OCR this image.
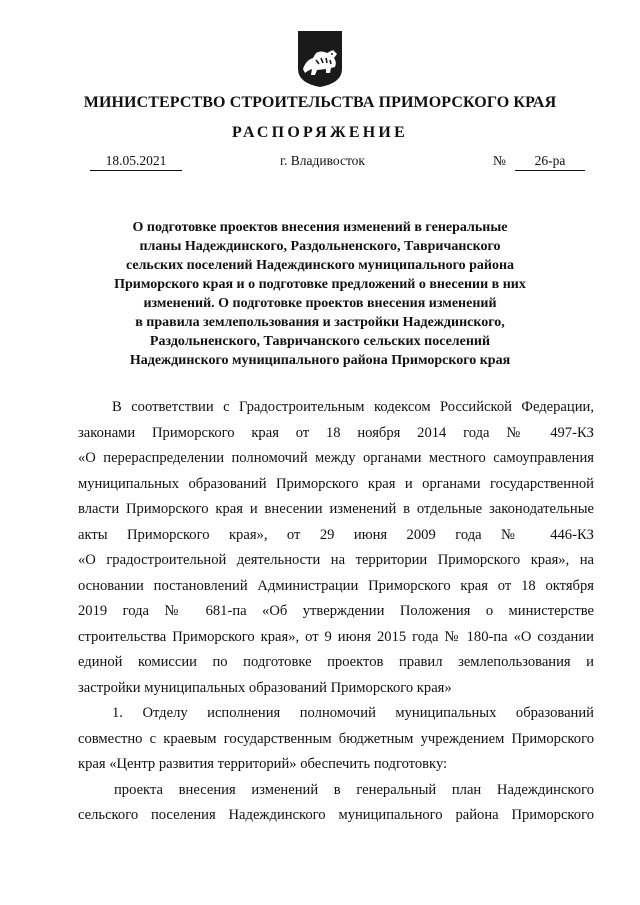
МИНИСТЕРСТВО СТРОИТЕЛЬСТВА ПРИМОРСКОГО КРАЯ
РАСПОРЯЖЕНИЕ
18.05.2021	г. Владивосток	№	26-ра
О подготовке проектов внесения изменений в генеральные
планы Надеждинского, Раздольненского, Тавричанского
сельских поселений Надеждинского муниципального района
Приморского края и о подготовке предложений о внесении в них
изменений. О подготовке проектов внесения изменений
в правила землепользования и застройки Надеждинского,
Раздольненского, Тавричанского сельских поселений
Надеждинского муниципального района Приморского края
В соответствии с Градостроительным кодексом Российской Федерации,
законами Приморского края от 18 ноября 2014 года № 497-КЗ
«О перераспределении полномочий между органами местного самоуправления
муниципальных образований Приморского края и органами государственной
власти Приморского края и внесении изменений в отдельные законодательные
акты Приморского края», от 29 июня 2009 года № 446-КЗ
«О градостроительной деятельности на территории Приморского края», на
основании постановлений Администрации Приморского края от 18 октября
2019 года № 681-па «Об утверждении Положения о министерстве
строительства Приморского края», от 9 июня 2015 года № 180-па «О создании
единой комиссии по подготовке проектов правил землепользования и
застройки муниципальных образований Приморского края»
1. Отделу исполнения полномочий муниципальных образований
совместно с краевым государственным бюджетным учреждением Приморского
края «Центр развития территорий» обеспечить подготовку:
проекта внесения изменений в генеральный план Надеждинского
сельского поселения Надеждинского муниципального района Приморского
